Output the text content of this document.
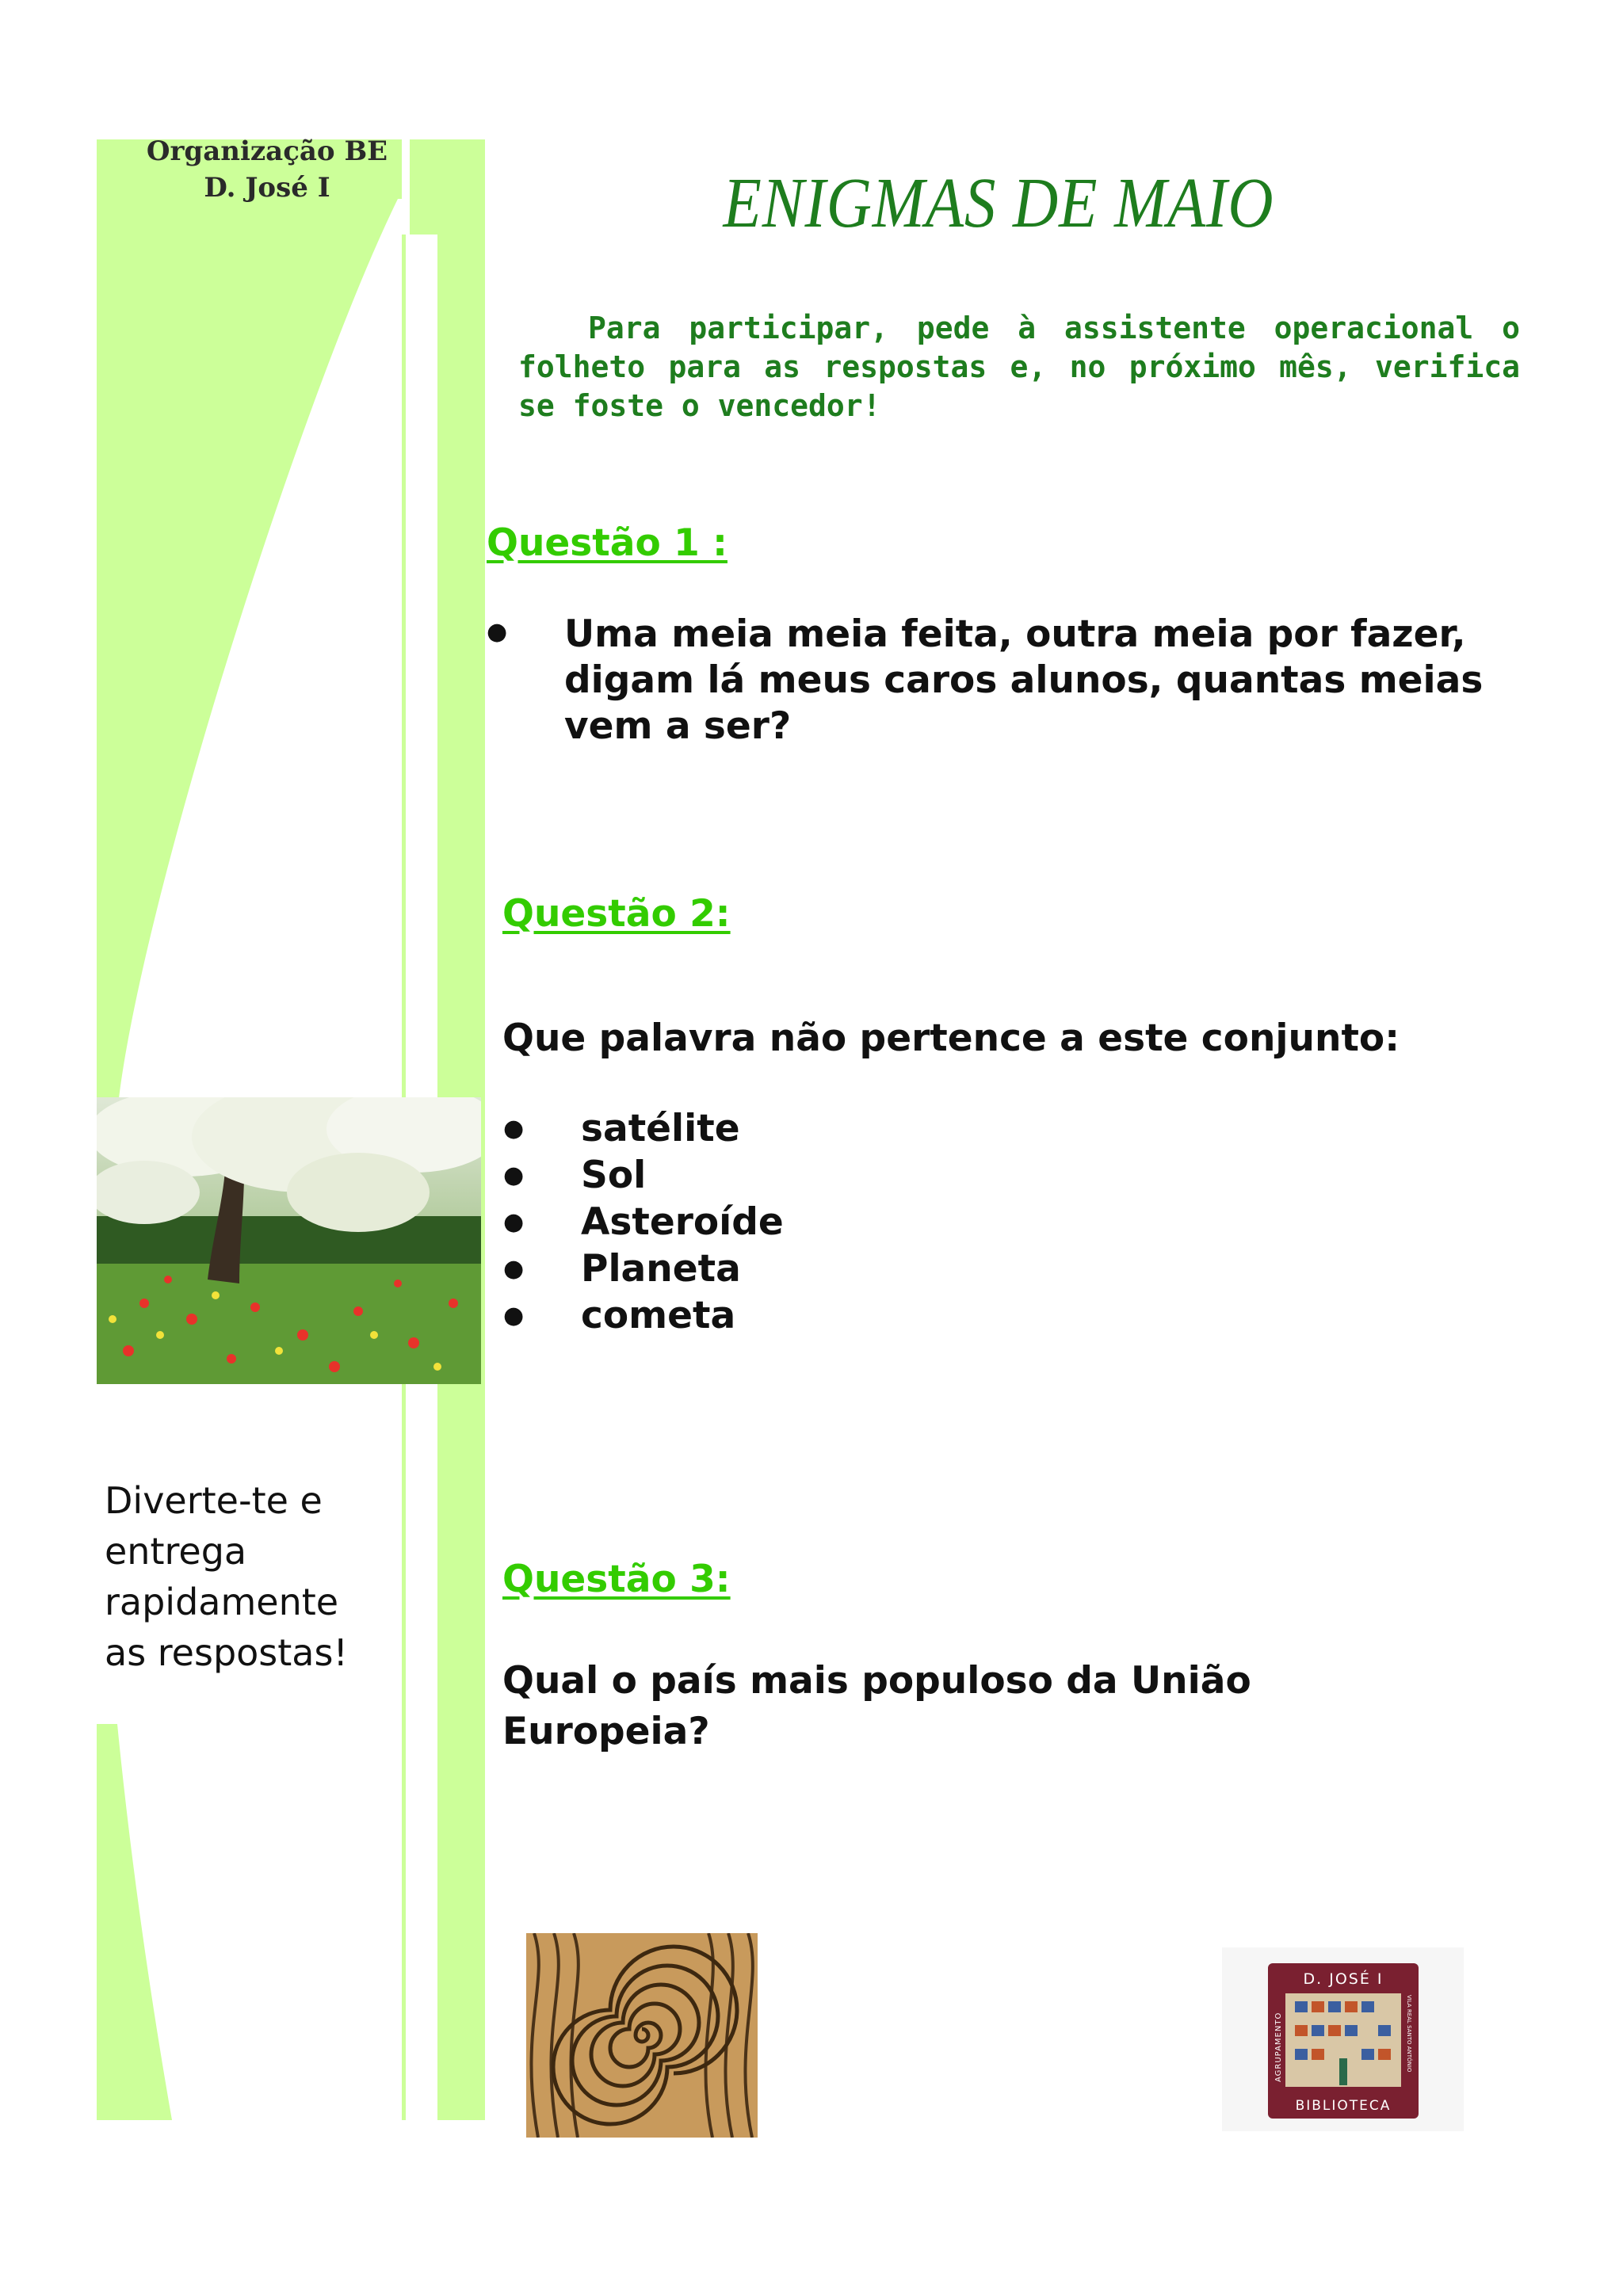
Organização BE
D. José I
Diverte-te e
entrega
rapidamente
as respostas!
ENIGMAS DE MAIO
Para participar, pede à assistente operacional o folheto para as respostas e, no próximo mês, verifica se foste o vencedor!
Questão 1 :
● Uma meia meia feita, outra meia por fazer, digam lá meus caros alunos, quantas meias vem a ser?
Questão 2:
Que palavra não pertence a este conjunto:
●	satélite
●	Sol
●	Asteroíde
●	Planeta
●	cometa
Questão 3:
Qual o país mais populoso da União Europeia?
D. JOSÉ I
BIBLIOTECA
AGRUPAMENTO	VILA REAL SANTO ANTÓNIO
